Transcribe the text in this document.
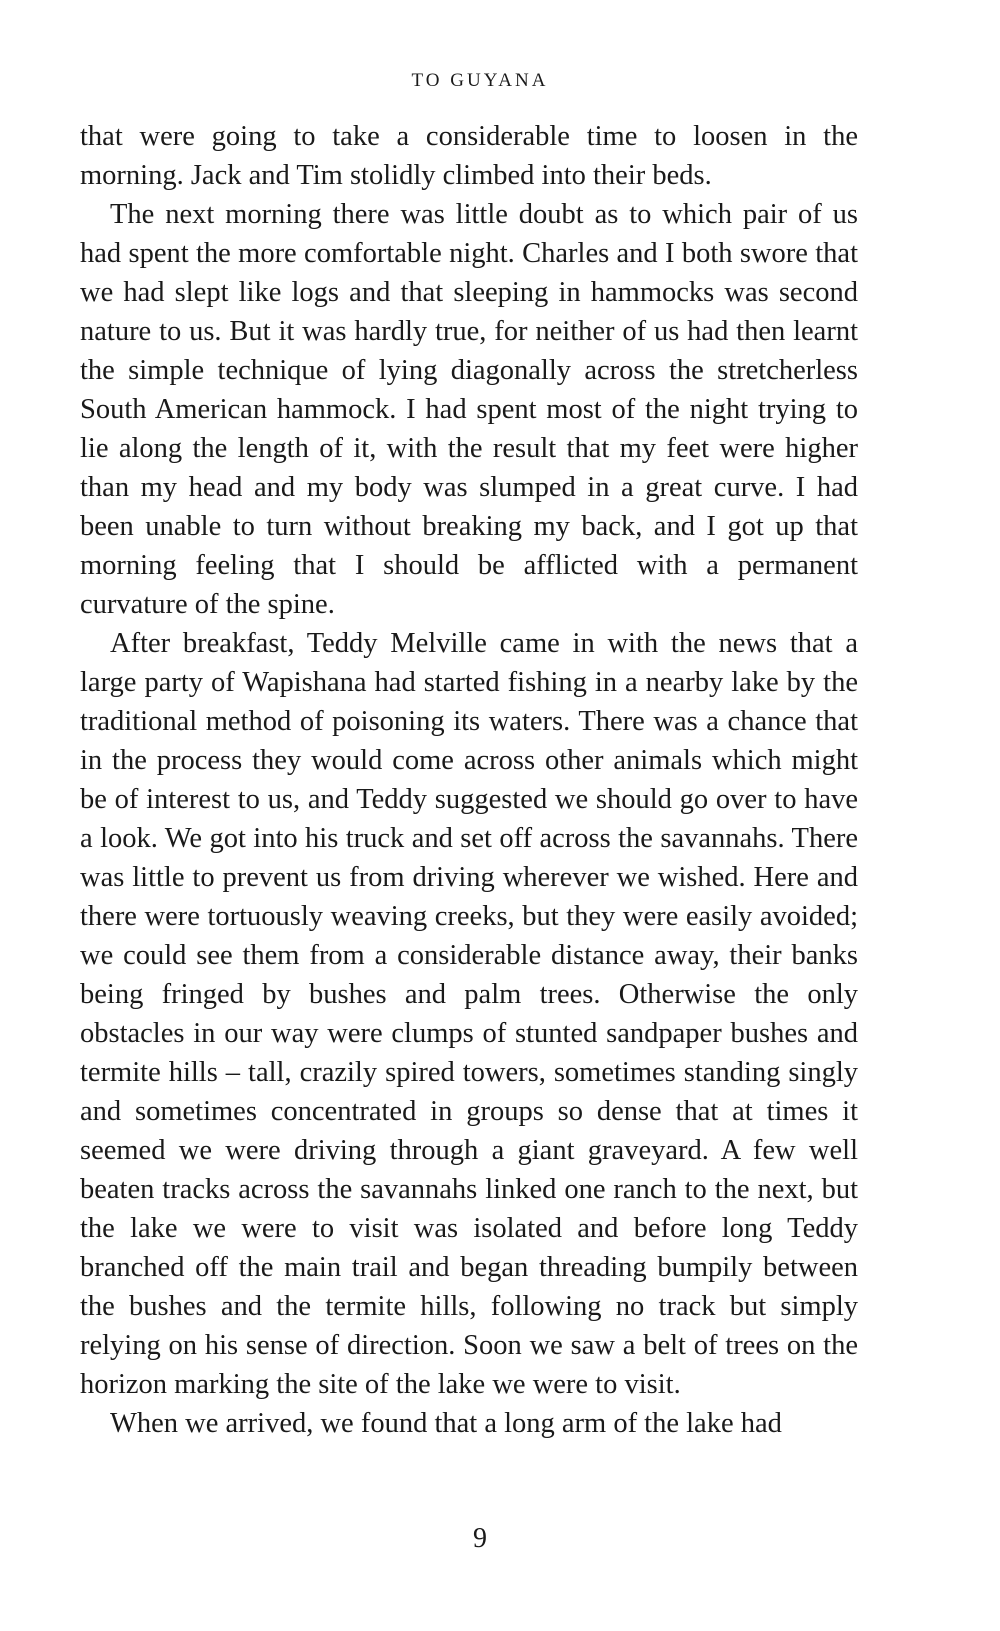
TO GUYANA

that were going to take a considerable time to loosen in the morning. Jack and Tim stolidly climbed into their beds.

The next morning there was little doubt as to which pair of us had spent the more comfortable night. Charles and I both swore that we had slept like logs and that sleeping in hammocks was second nature to us. But it was hardly true, for neither of us had then learnt the simple technique of lying diagonally across the stretcherless South American hammock. I had spent most of the night trying to lie along the length of it, with the result that my feet were higher than my head and my body was slumped in a great curve. I had been unable to turn without breaking my back, and I got up that morning feeling that I should be afflicted with a permanent curvature of the spine.

After breakfast, Teddy Melville came in with the news that a large party of Wapishana had started fishing in a nearby lake by the traditional method of poisoning its waters. There was a chance that in the process they would come across other animals which might be of interest to us, and Teddy suggested we should go over to have a look. We got into his truck and set off across the savannahs. There was little to prevent us from driving wherever we wished. Here and there were tortuously weaving creeks, but they were easily avoided; we could see them from a considerable distance away, their banks being fringed by bushes and palm trees. Otherwise the only obstacles in our way were clumps of stunted sandpaper bushes and termite hills – tall, crazily spired towers, sometimes standing singly and sometimes concentrated in groups so dense that at times it seemed we were driving through a giant graveyard. A few well beaten tracks across the savannahs linked one ranch to the next, but the lake we were to visit was isolated and before long Teddy branched off the main trail and began threading bumpily between the bushes and the termite hills, following no track but simply relying on his sense of direction. Soon we saw a belt of trees on the horizon marking the site of the lake we were to visit.

When we arrived, we found that a long arm of the lake had

9
